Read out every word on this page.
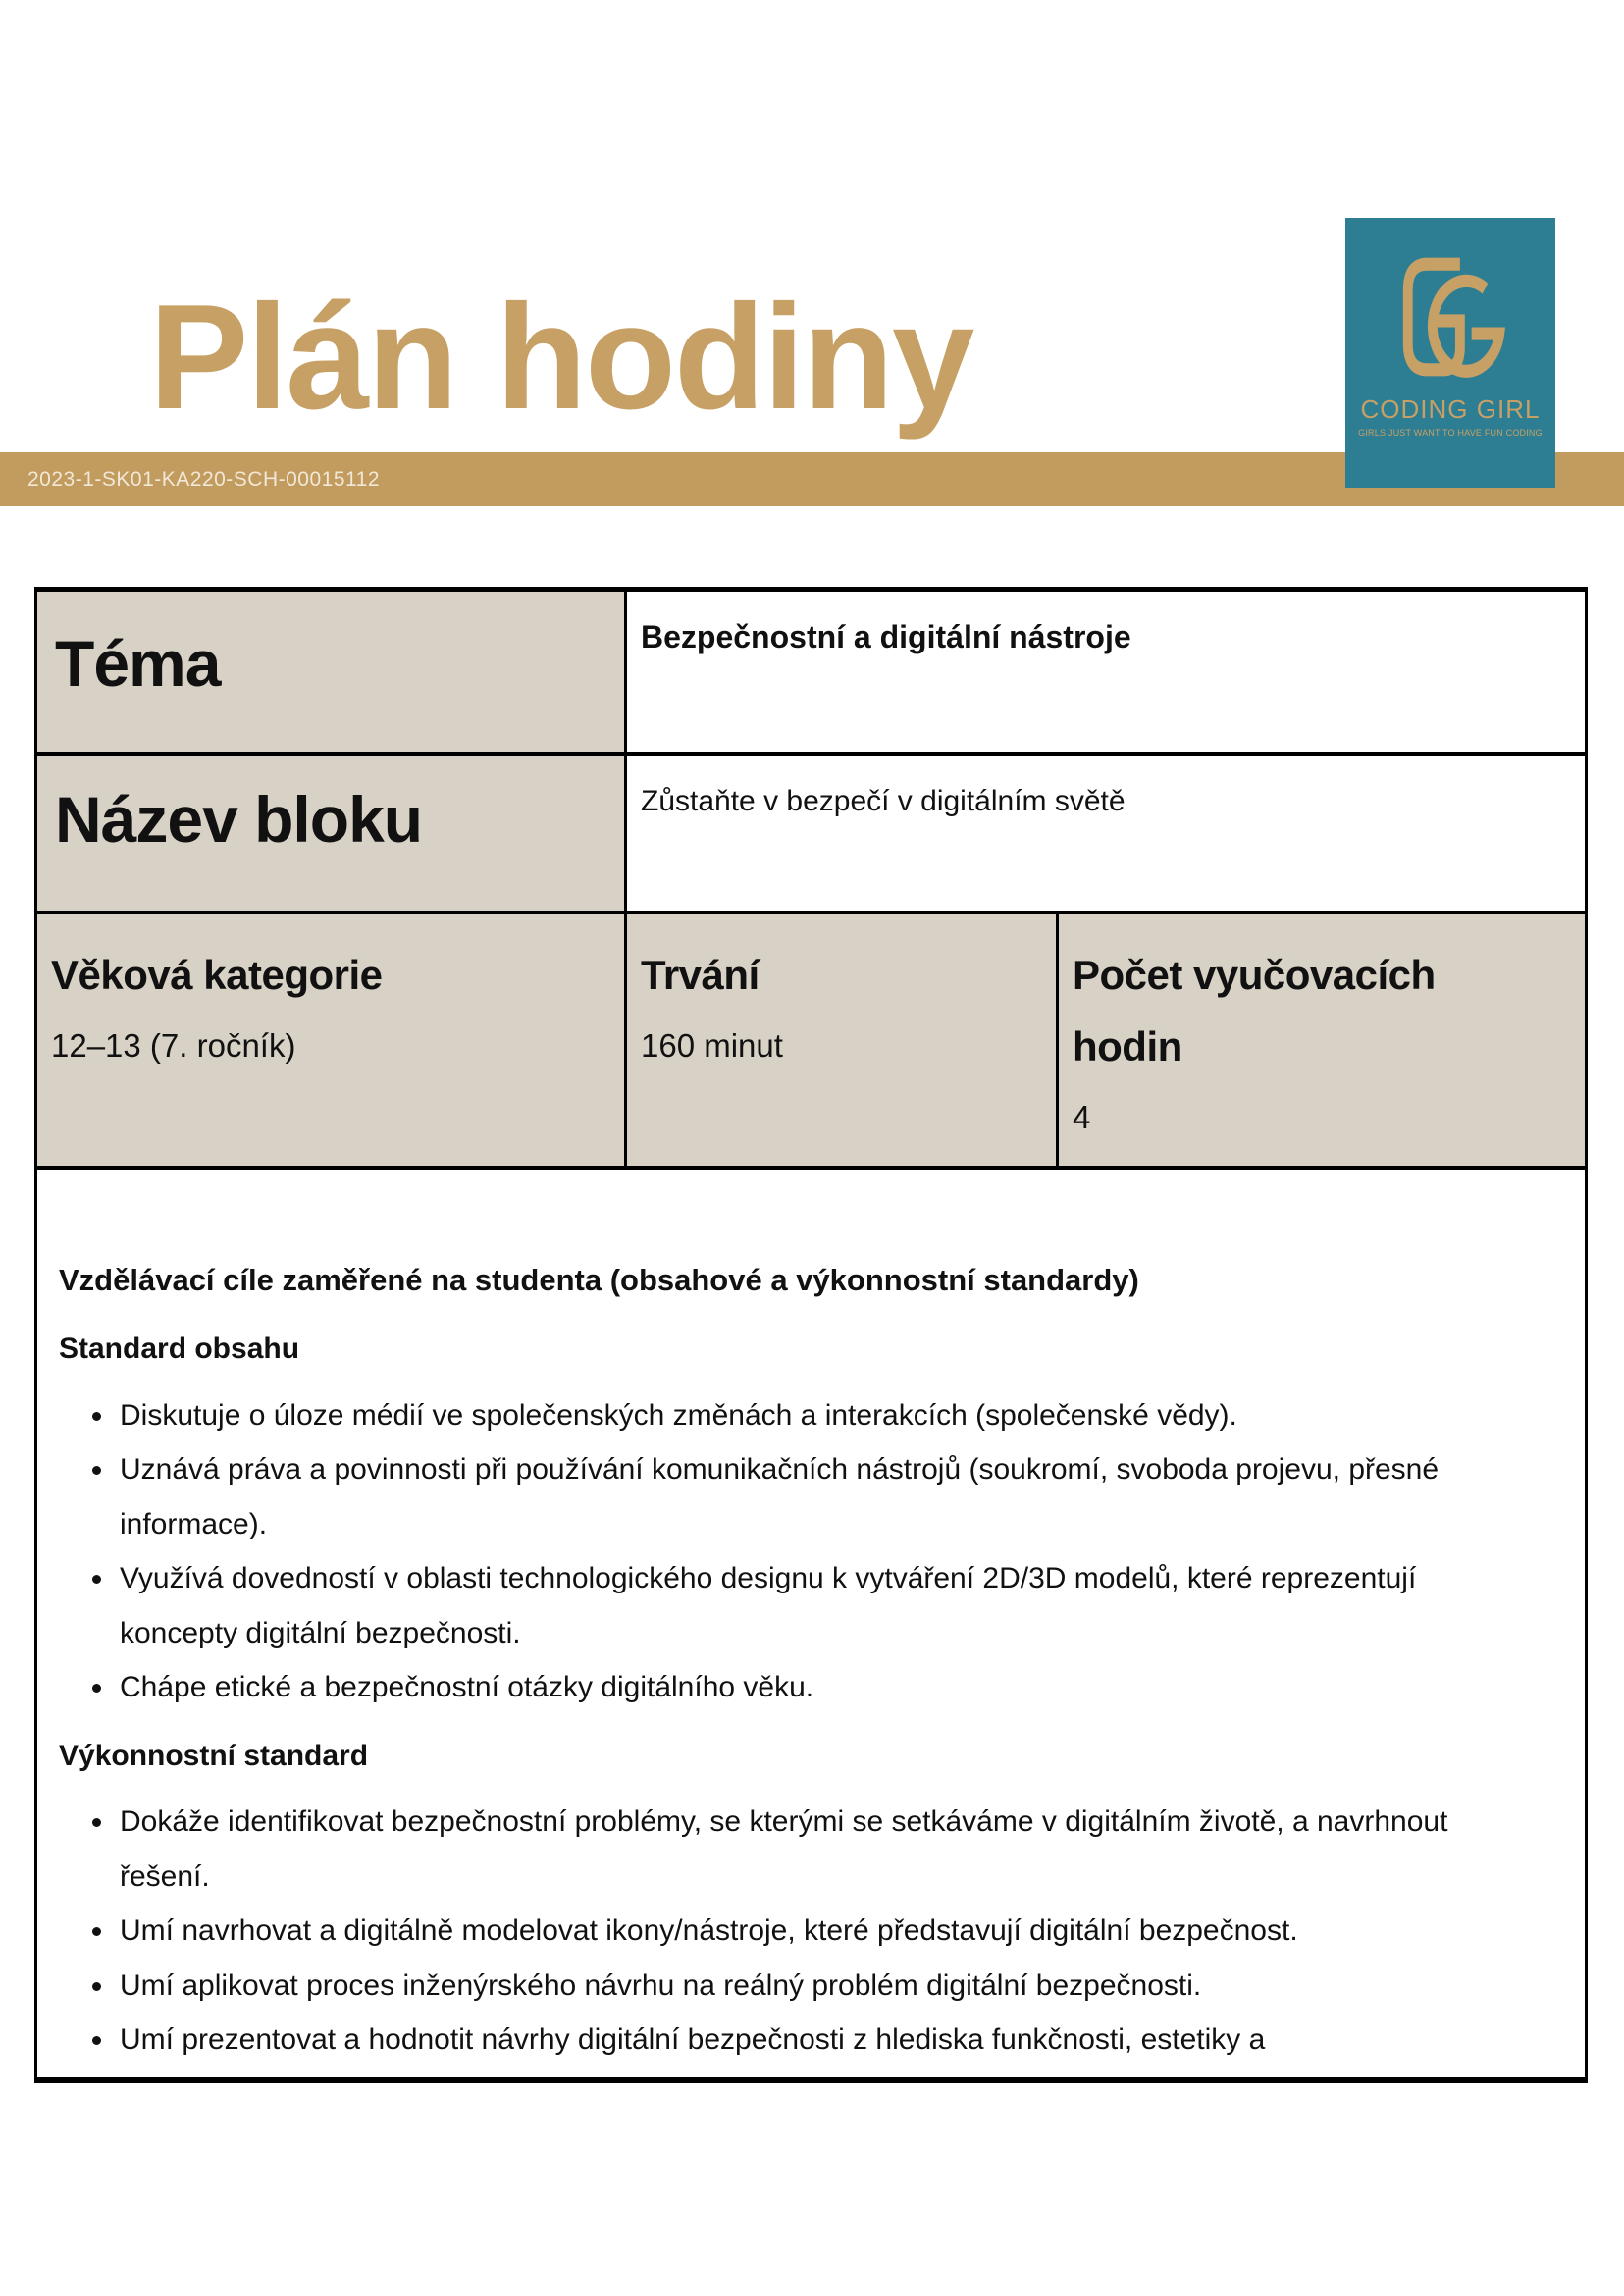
Plán hodiny
2023-1-SK01-KA220-SCH-00015112
CODING GIRL
GIRLS JUST WANT TO HAVE FUN CODING
Téma	Bezpečnostní a digitální nástroje
Název bloku	Zůstaňte v bezpečí v digitálním světě

Věková kategorie

12–13 (7. ročník)

Trvání

160 minut

Počet vyučovacích hodin

4

Vzdělávací cíle zaměřené na studenta (obsahové a výkonnostní standardy)

Standard obsahu

• Diskutuje o úloze médií ve společenských změnách a interakcích (společenské vědy).
• Uznává práva a povinnosti při používání komunikačních nástrojů (soukromí, svoboda projevu, přesné informace).
• Využívá dovedností v oblasti technologického designu k vytváření 2D/3D modelů, které reprezentují koncepty digitální bezpečnosti.
• Chápe etické a bezpečnostní otázky digitálního věku.

Výkonnostní standard

• Dokáže identifikovat bezpečnostní problémy, se kterými se setkáváme v digitálním životě, a navrhnout řešení.
• Umí navrhovat a digitálně modelovat ikony/nástroje, které představují digitální bezpečnost.
• Umí aplikovat proces inženýrského návrhu na reálný problém digitální bezpečnosti.
• Umí prezentovat a hodnotit návrhy digitální bezpečnosti z hlediska funkčnosti, estetiky a
